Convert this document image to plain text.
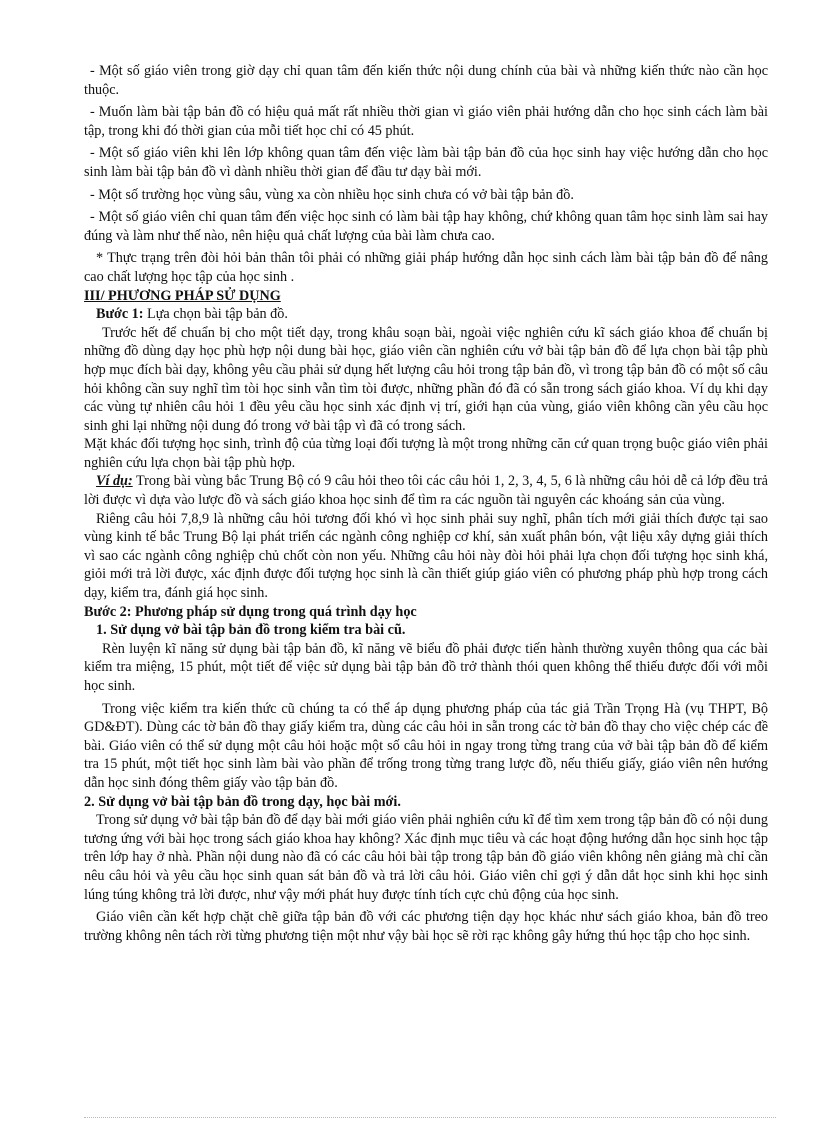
- Một số giáo viên trong giờ dạy chỉ quan tâm đến kiến thức nội dung chính của bài và những kiến thức nào cần học thuộc.

- Muốn làm bài tập bản đồ có hiệu quả mất rất nhiều thời gian vì giáo viên phải hướng dẫn cho học sinh cách làm bài tập, trong khi đó thời gian của mỗi tiết học chỉ có 45 phút.

- Một số giáo viên khi lên lớp không quan tâm đến việc làm bài tập bản đồ của học sinh hay việc hướng dẫn cho học sinh làm bài tập bản đồ vì dành nhiều thời gian để đầu tư dạy bài mới.

- Một số trường học vùng sâu, vùng xa còn nhiều học sinh chưa có vở bài tập bản đồ.

- Một số giáo viên chỉ quan tâm đến việc học sinh có làm bài tập hay không, chứ không quan tâm học sinh làm sai hay đúng và làm như thế nào, nên hiệu quả chất lượng của bài làm chưa cao.

* Thực trạng trên đòi hỏi bản thân tôi phải có những giải pháp hướng dẫn học sinh cách làm bài tập bản đồ để nâng cao chất lượng học tập của học sinh .

III/ PHƯƠNG PHÁP SỬ DỤNG

Bước 1: Lựa chọn bài tập bản đồ.

Trước hết để chuẩn bị cho một tiết dạy, trong khâu soạn bài, ngoài việc nghiên cứu kĩ sách giáo khoa để chuẩn bị những đồ dùng dạy học phù hợp nội dung bài học, giáo viên cần nghiên cứu vở bài tập bản đồ để lựa chọn bài tập phù hợp mục đích bài dạy, không yêu cầu phải sử dụng hết lượng câu hỏi trong tập bản đồ, vì trong tập bản đồ có một số câu hỏi không cần suy nghĩ tìm tòi học sinh vẫn tìm tòi được, những phần đó đã có sẵn trong sách giáo khoa. Ví dụ khi dạy các vùng tự nhiên câu hỏi 1 đều yêu cầu học sinh xác định vị trí, giới hạn của vùng, giáo viên không cần yêu cầu học sinh ghi lại những nội dung đó trong vở bài tập vì đã có trong sách.

Mặt khác đối tượng học sinh, trình độ của từng loại đối tượng là một trong những căn cứ quan trọng buộc giáo viên phải nghiên cứu lựa chọn bài tập phù hợp.

Ví dụ: Trong bài vùng bắc Trung Bộ có 9 câu hỏi theo tôi các câu hỏi 1, 2, 3, 4, 5, 6 là những câu hỏi dễ cả lớp đều trả lời được vì dựa vào lược đồ và sách giáo khoa học sinh để tìm ra các nguồn tài nguyên các khoáng sản của vùng.

Riêng câu hỏi 7,8,9 là những câu hỏi tương đối khó vì học sinh phải suy nghĩ, phân tích mới giải thích được tại sao vùng kinh tế bắc Trung Bộ lại phát triển các ngành công nghiệp cơ khí, sản xuất phân bón, vật liệu xây dựng giải thích vì sao các ngành công nghiệp chủ chốt còn non yếu. Những câu hỏi này đòi hỏi phải lựa chọn đối tượng học sinh khá, giỏi mới trả lời được, xác định được đối tượng học sinh là cần thiết giúp giáo viên có phương pháp phù hợp trong cách dạy, kiểm tra, đánh giá học sinh.

Bước 2: Phương pháp sử dụng trong quá trình dạy học

1. Sử dụng vở bài tập bản đồ trong kiểm tra bài cũ.

Rèn luyện kĩ năng sử dụng bài tập bản đồ, kĩ năng vẽ biểu đồ phải được tiến hành thường xuyên thông qua các bài kiểm tra miệng, 15 phút, một tiết để việc sử dụng bài tập bản đồ trở thành thói quen không thể thiếu được đối với mỗi học sinh.

Trong việc kiểm tra kiến thức cũ chúng ta có thể áp dụng phương pháp của tác giả Trần Trọng Hà (vụ THPT, Bộ GD&ĐT). Dùng các tờ bản đồ thay giấy kiểm tra, dùng các câu hỏi in sẵn trong các tờ bản đồ thay cho việc chép các đề bài. Giáo viên có thể sử dụng một câu hỏi hoặc một số câu hỏi in ngay trong từng trang của vở bài tập bản đồ để kiểm tra 15 phút, một tiết học sinh làm bài vào phần để trống trong từng trang lược đồ, nếu thiếu giấy, giáo viên nên hướng dẫn học sinh đóng thêm giấy vào tập bản đồ.

2. Sử dụng vở bài tập bản đồ trong dạy, học bài mới.

Trong sử dụng vở bài tập bản đồ để dạy bài mới giáo viên phải nghiên cứu kĩ để tìm xem trong tập bản đồ có nội dung tương ứng với bài học trong sách giáo khoa hay không? Xác định mục tiêu và các hoạt động hướng dẫn học sinh học tập trên lớp hay ở nhà. Phần nội dung nào đã có các câu hỏi bài tập trong tập bản đồ giáo viên không nên giảng mà chỉ cần nêu câu hỏi và yêu cầu học sinh quan sát bản đồ và trả lời câu hỏi. Giáo viên chỉ gợi ý dẫn dắt học sinh khi học sinh lúng túng không trả lời được, như vậy mới phát huy được tính tích cực chủ động của học sinh.

Giáo viên cần kết hợp chặt chẽ giữa tập bản đồ với các phương tiện dạy học khác như sách giáo khoa, bản đồ treo trường không nên tách rời từng phương tiện một như vậy bài học sẽ rời rạc không gây hứng thú học tập cho học sinh.
